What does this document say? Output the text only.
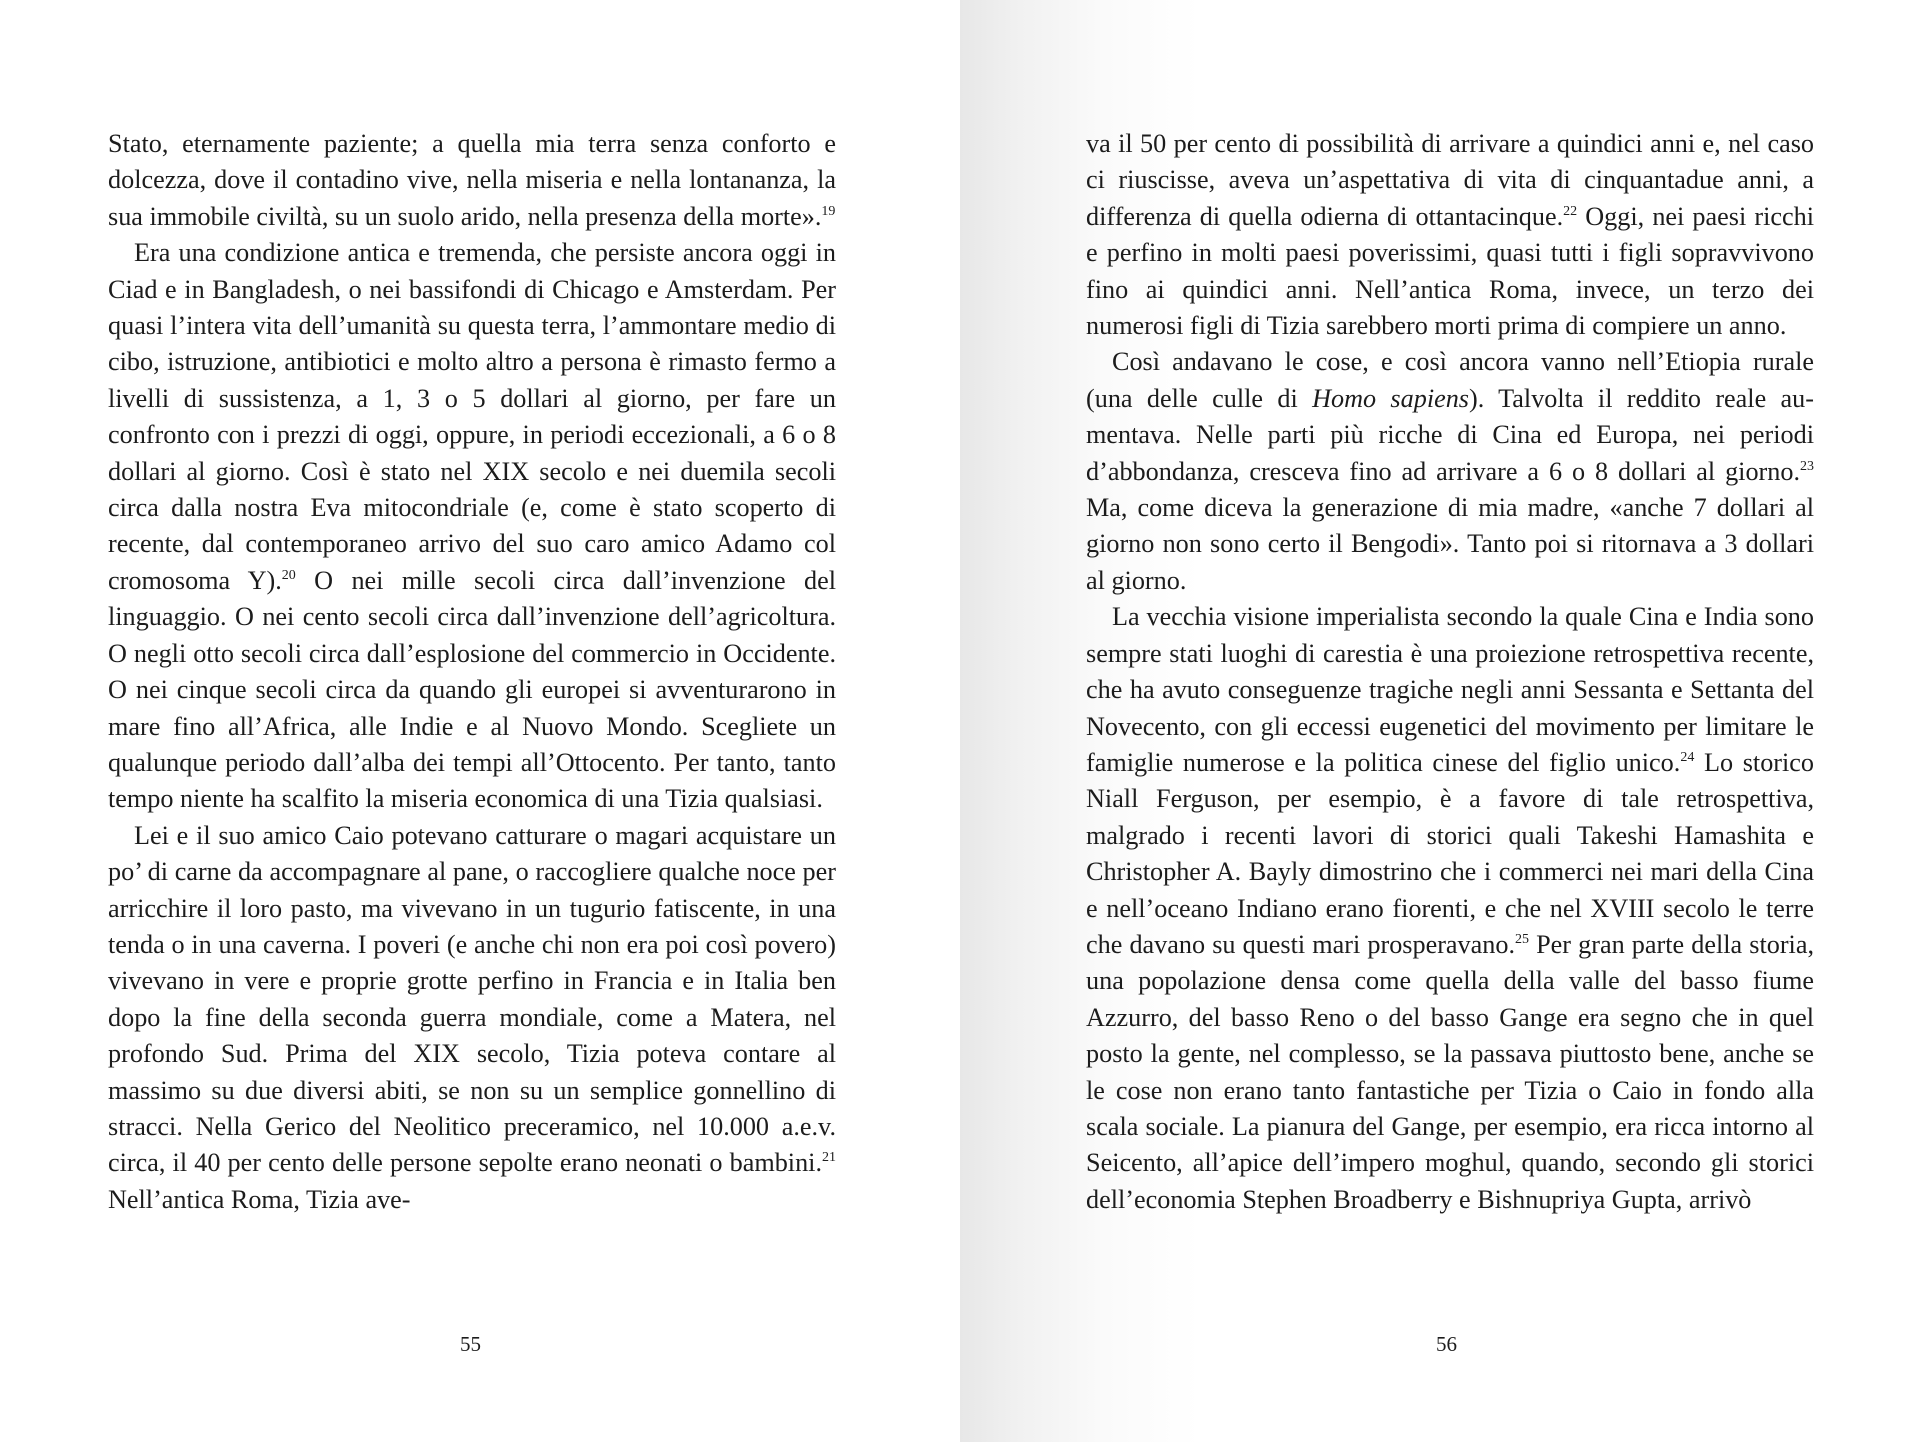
Stato, eternamente paziente; a quella mia terra senza conforto e dolcezza, dove il contadino vive, nella miseria e nella lontananza, la sua immobile civiltà, su un suolo arido, nella presenza della morte».$^{19}$

Era una condizione antica e tremenda, che persiste ancora oggi in Ciad e in Bangladesh, o nei bassifondi di Chicago e Amsterdam. Per quasi l’intera vita dell’umanità su questa terra, l’ammontare medio di cibo, istruzione, antibiotici e molto altro a persona è rimasto fermo a livelli di sussistenza, a 1, 3 o 5 dollari al giorno, per fare un confronto con i prezzi di oggi, oppure, in periodi eccezionali, a 6 o 8 dollari al giorno. Così è stato nel XIX secolo e nei duemila secoli circa dalla nostra Eva mitocondriale (e, come è stato scoperto di recente, dal contemporaneo arrivo del suo caro amico Adamo col cromosoma Y).$^{20}$ O nei mille secoli circa dall’invenzione del linguaggio. O nei cento secoli circa dall’invenzione dell’agricoltura. O negli otto secoli circa dall’esplosione del commercio in Occidente. O nei cinque secoli circa da quando gli europei si avventurarono in mare fino all’Africa, alle Indie e al Nuovo Mondo. Scegliete un qualunque periodo dall’alba dei tempi all’Ottocento. Per tanto, tanto tempo niente ha scalfito la miseria economica di una Tizia qualsiasi.

Lei e il suo amico Caio potevano catturare o magari acquistare un po’ di carne da accompagnare al pane, o raccogliere qualche noce per arricchire il loro pasto, ma vivevano in un tugurio fatiscente, in una tenda o in una caverna. I poveri (e anche chi non era poi così povero) vivevano in vere e proprie grotte perfino in Francia e in Italia ben dopo la fine della seconda guerra mondiale, come a Matera, nel profondo Sud. Prima del XIX secolo, Tizia poteva contare al massimo su due diversi abiti, se non su un semplice gonnellino di stracci. Nella Gerico del Neolitico preceramico, nel 10.000 a.e.v. circa, il 40 per cento delle persone sepolte erano neonati o bambini.$^{21}$ Nell’antica Roma, Tizia ave-

55

va il 50 per cento di possibilità di arrivare a quindici anni e, nel caso ci riuscisse, aveva un’aspettativa di vita di cinquantadue anni, a differenza di quella odierna di ottantacinque.$^{22}$ Oggi, nei paesi ricchi e perfino in molti paesi poverissimi, quasi tutti i figli sopravvivono fino ai quindici anni. Nell’antica Roma, invece, un terzo dei numerosi figli di Tizia sarebbero morti prima di compiere un anno.

Così andavano le cose, e così ancora vanno nell’Etiopia rurale (una delle culle di Homo sapiens). Talvolta il reddito reale aumentava. Nelle parti più ricche di Cina ed Europa, nei periodi d’abbondanza, cresceva fino ad arrivare a 6 o 8 dollari al giorno.$^{23}$ Ma, come diceva la generazione di mia madre, «anche 7 dollari al giorno non sono certo il Bengodi». Tanto poi si ritornava a 3 dollari al giorno.

La vecchia visione imperialista secondo la quale Cina e India sono sempre stati luoghi di carestia è una proiezione retrospettiva recente, che ha avuto conseguenze tragiche negli anni Sessanta e Settanta del Novecento, con gli eccessi eugenetici del movimento per limitare le famiglie numerose e la politica cinese del figlio unico.$^{24}$ Lo storico Niall Ferguson, per esempio, è a favore di tale retrospettiva, malgrado i recenti lavori di storici quali Takeshi Hamashita e Christopher A. Bayly dimostrino che i commerci nei mari della Cina e nell’oceano Indiano erano fiorenti, e che nel XVIII secolo le terre che davano su questi mari prosperavano.$^{25}$ Per gran parte della storia, una popolazione densa come quella della valle del basso fiume Azzurro, del basso Reno o del basso Gange era segno che in quel posto la gente, nel complesso, se la passava piuttosto bene, anche se le cose non erano tanto fantastiche per Tizia o Caio in fondo alla scala sociale. La pianura del Gange, per esempio, era ricca intorno al Seicento, all’apice dell’impero moghul, quando, secondo gli storici dell’economia Stephen Broadberry e Bishnupriya Gupta, arrivò

56
